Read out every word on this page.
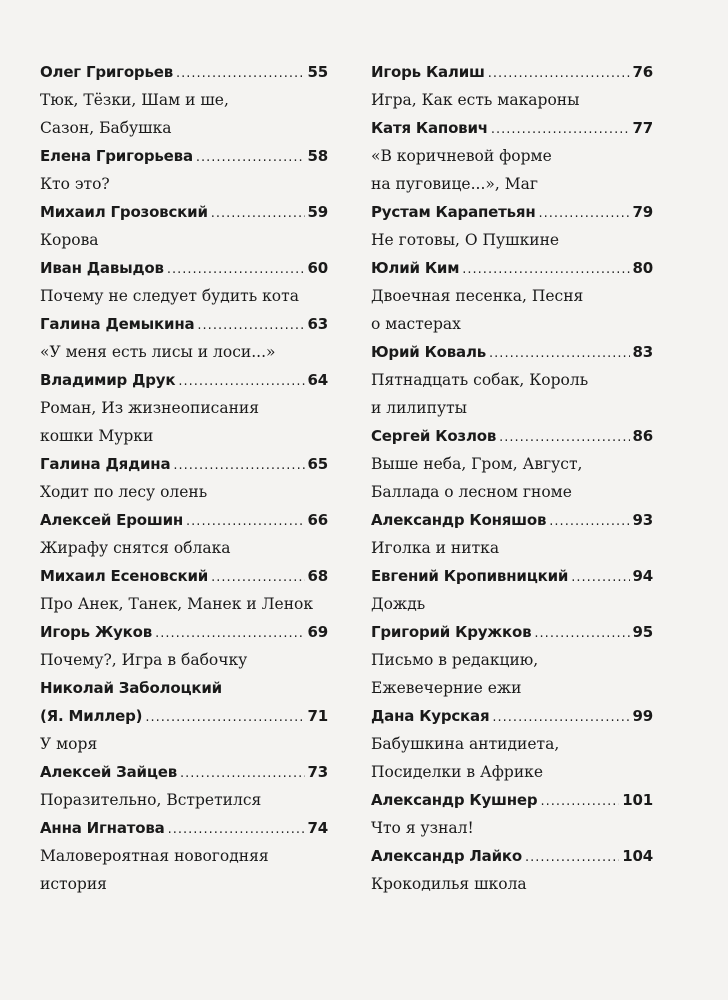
Олег Григорьев .....	55
Тюк, Тёзки, Шам и ше,
Сазон, Бабушка
Елена Григорьева .....	58
Кто это?
Михаил Грозовский .....	59
Корова
Иван Давыдов .....	60
Почему не следует будить кота
Галина Демыкина .....	63
«У меня есть лисы и лоси...»
Владимир Друк .....	64
Роман, Из жизнеописания
кошки Мурки
Галина Дядина .....	65
Ходит по лесу олень
Алексей Ерошин .....	66
Жирафу снятся облака
Михаил Есеновский .....	68
Про Анек, Танек, Манек и Ленок
Игорь Жуков .....	69
Почему?, Игра в бабочку
Николай Заболоцкий
(Я. Миллер) .....	71
У моря
Алексей Зайцев .....	73
Поразительно, Встретился
Анна Игнатова .....	74
Маловероятная новогодняя
история
Игорь Калиш .....	76
Игра, Как есть макароны
Катя Капович .....	77
«В коричневой форме
на пуговице...», Маг
Рустам Карапетьян .....	79
Не готовы, О Пушкине
Юлий Ким .....	80
Двоечная песенка, Песня
о мастерах
Юрий Коваль .....	83
Пятнадцать собак, Король
и лилипуты
Сергей Козлов .....	86
Выше неба, Гром, Август,
Баллада о лесном гноме
Александр Коняшов .....	93
Иголка и нитка
Евгений Кропивницкий .....	94
Дождь
Григорий Кружков .....	95
Письмо в редакцию,
Ежевечерние ежи
Дана Курская .....	99
Бабушкина антидиета,
Посиделки в Африке
Александр Кушнер .....	101
Что я узнал!
Александр Лайко .....	104
Крокодилья школа
